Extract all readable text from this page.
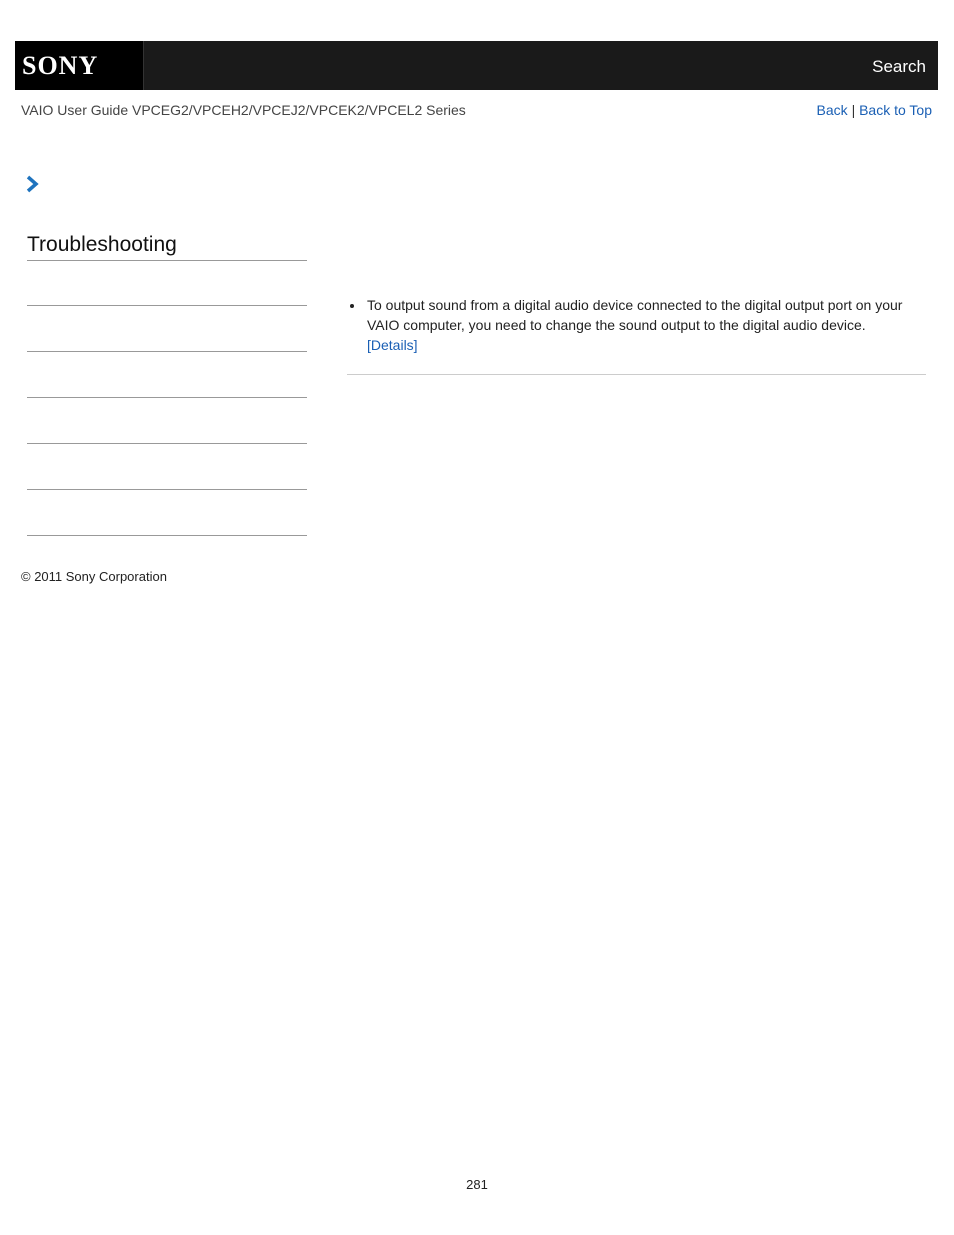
SONY	Search
VAIO User Guide VPCEG2/VPCEH2/VPCEJ2/VPCEK2/VPCEL2 Series	Back | Back to Top
Troubleshooting
To output sound from a digital audio device connected to the digital output port on your VAIO computer, you need to change the sound output to the digital audio device.
[Details]
© 2011 Sony Corporation
281
